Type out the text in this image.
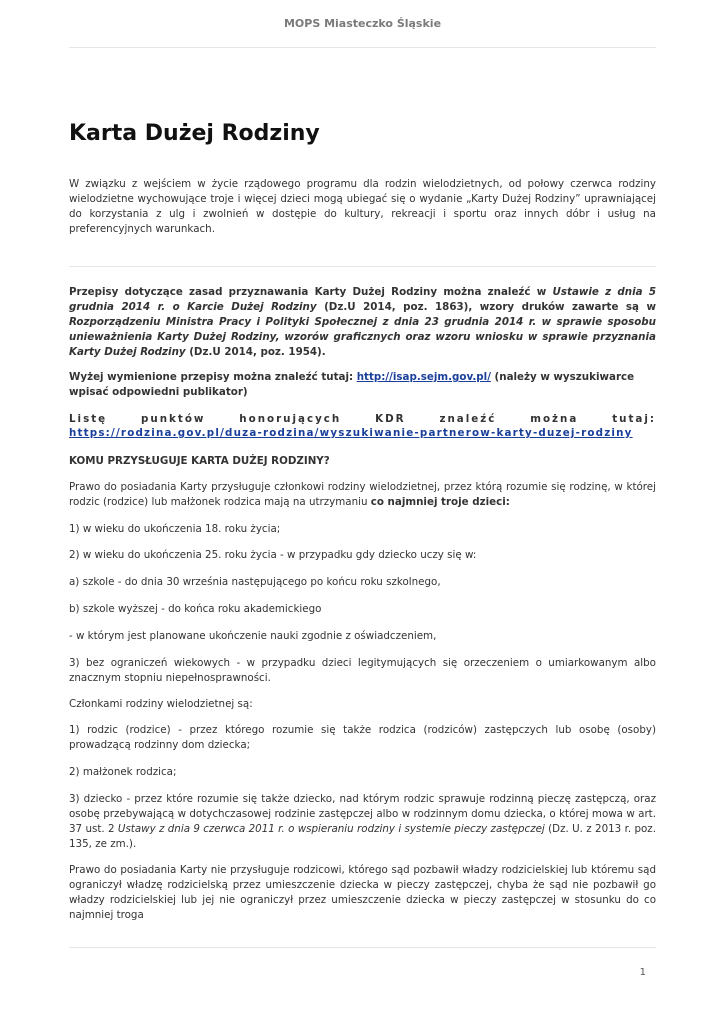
MOPS Miasteczko Śląskie
Karta Dużej Rodziny

W związku z wejściem w życie rządowego programu dla rodzin wielodzietnych, od połowy czerwca rodziny wielodzietne wychowujące troje i więcej dzieci mogą ubiegać się o wydanie „Karty Dużej Rodziny” uprawniającej do korzystania z ulg i zwolnień w dostępie do kultury, rekreacji i sportu oraz innych dóbr i usług na preferencyjnych warunkach.

Przepisy dotyczące zasad przyznawania Karty Dużej Rodziny można znaleźć w Ustawie z dnia 5 grudnia 2014 r. o Karcie Dużej Rodziny (Dz.U 2014, poz. 1863), wzory druków zawarte są w Rozporządzeniu Ministra Pracy i Polityki Społecznej z dnia 23 grudnia 2014 r. w sprawie sposobu unieważnienia Karty Dużej Rodziny, wzorów graficznych oraz wzoru wniosku w sprawie przyznania Karty Dużej Rodziny (Dz.U 2014, poz. 1954).

Wyżej wymienione przepisy można znaleźć tutaj: http://isap.sejm.gov.pl/ (należy w wyszukiwarce wpisać odpowiedni publikator)

Listę punktów honorujących KDR znaleźć można tutaj:

https://rodzina.gov.pl/duza-rodzina/wyszukiwanie-partnerow-karty-duzej-rodziny

KOMU PRZYSŁUGUJE KARTA DUŻEJ RODZINY?

Prawo do posiadania Karty przysługuje członkowi rodziny wielodzietnej, przez którą rozumie się rodzinę, w której rodzic (rodzice) lub małżonek rodzica mają na utrzymaniu co najmniej troje dzieci:

1) w wieku do ukończenia 18. roku życia;

2) w wieku do ukończenia 25. roku życia - w przypadku gdy dziecko uczy się w:

a) szkole - do dnia 30 września następującego po końcu roku szkolnego,

b) szkole wyższej - do końca roku akademickiego

- w którym jest planowane ukończenie nauki zgodnie z oświadczeniem,

3) bez ograniczeń wiekowych - w przypadku dzieci legitymujących się orzeczeniem o umiarkowanym albo znacznym stopniu niepełnosprawności.

Członkami rodziny wielodzietnej są:

1) rodzic (rodzice) - przez którego rozumie się także rodzica (rodziców) zastępczych lub osobę (osoby) prowadzącą rodzinny dom dziecka;

2) małżonek rodzica;

3) dziecko - przez które rozumie się także dziecko, nad którym rodzic sprawuje rodzinną pieczę zastępczą, oraz osobę przebywającą w dotychczasowej rodzinie zastępczej albo w rodzinnym domu dziecka, o której mowa w art. 37 ust. 2 Ustawy z dnia 9 czerwca 2011 r. o wspieraniu rodziny i systemie pieczy zastępczej (Dz. U. z 2013 r. poz. 135, ze zm.).

Prawo do posiadania Karty nie przysługuje rodzicowi, którego sąd pozbawił władzy rodzicielskiej lub któremu sąd ograniczył władzę rodzicielską przez umieszczenie dziecka w pieczy zastępczej, chyba że sąd nie pozbawił go władzy rodzicielskiej lub jej nie ograniczył przez umieszczenie dziecka w pieczy zastępczej w stosunku do co najmniej troga

1
